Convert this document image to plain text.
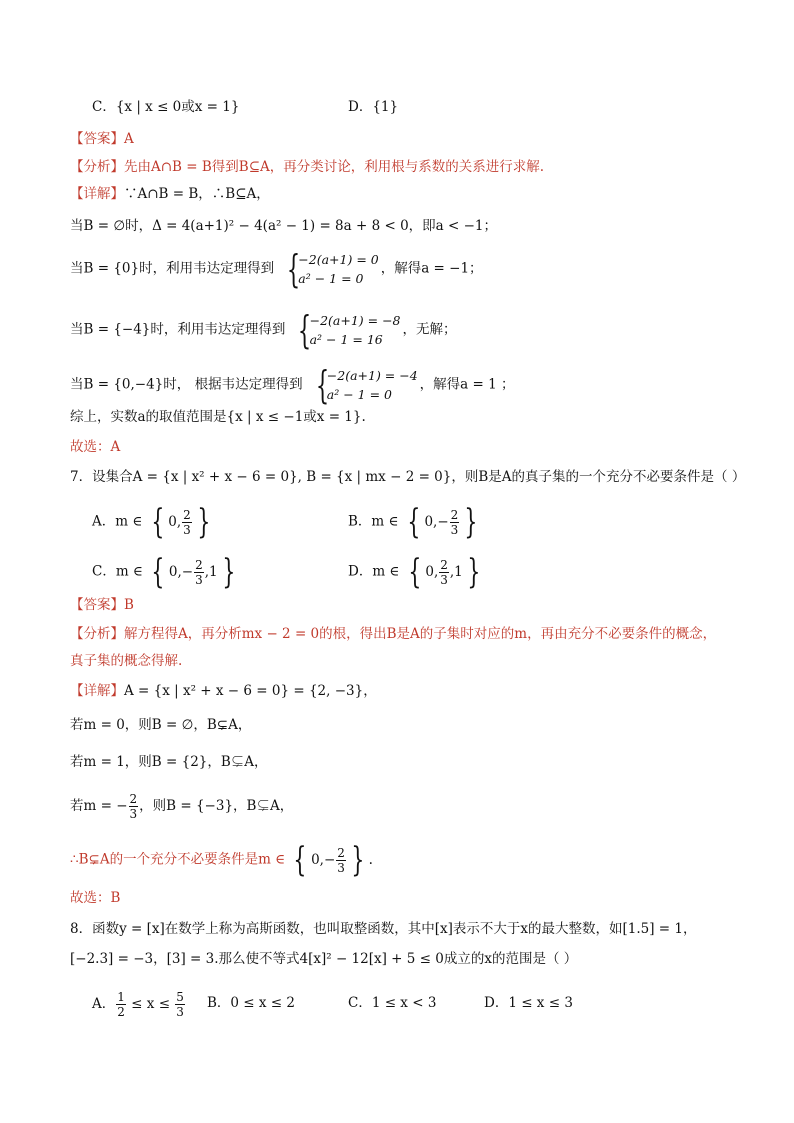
C．{x | x ≤ 0或x = 1}	D．{1}
【答案】A
【分析】先由A∩B = B得到B⊆A，再分类讨论，利用根与系数的关系进行求解.
【详解】∵A∩B = B，∴B⊆A，
当B = ∅时，Δ = 4(a+1)² − 4(a² − 1) = 8a + 8 < 0，即a < −1；
当B = {0}时，利用韦达定理得到 {
−2(a+1) = 0
a² − 1 = 0
，解得a = −1；
当B = {−4}时，利用韦达定理得到 {
−2(a+1) = −8
a² − 1 = 16
，无解；
当B = {0,−4}时， 根据韦达定理得到 {
−2(a+1) = −4
a² − 1 = 0
，解得a = 1 ；
综上，实数a的取值范围是{x | x ≤ −1或x = 1}.
故选：A
7．设集合A = {x | x² + x − 6 = 0}, B = {x | mx − 2 = 0}，则B是A的真子集的一个充分不必要条件是（ ）
A．m ∈ { 0, $\frac{2}{3}$ }	B．m ∈ { $0,- \frac{2}{3}$ }
C．m ∈ { $0,- \frac{2}{3} ,1$ }	D．m ∈ { 0, $\frac{2}{3} ,1$ }
【答案】B
【分析】解方程得A，再分析mx − 2 = 0的根，得出B是A的子集时对应的m，再由充分不必要条件的概念，
真子集的概念得解.
【详解】A = {x | x² + x − 6 = 0} = {2, −3}，
若m = 0，则B = ∅，B⊊A，
若m = 1，则B = {2}，B⊊A，
若m = − $\frac{2}{3}$ ，则B = {−3}，B⊊A，
∴B⊊A的一个充分不必要条件是m ∈ { $0,- \frac{2}{3}$ } .
故选：B
8．函数y = [x]在数学上称为高斯函数，也叫取整函数，其中[x]表示不大于x的最大整数，如[1.5] = 1，
[−2.3] = −3，[3] = 3.那么使不等式4[x]² − 12[x] + 5 ≤ 0成立的x的范围是（ ）
A． $\frac{1}{2} \le x \le \frac{5}{3}$ B．0 ≤ x ≤ 2	C．1 ≤ x < 3	D．1 ≤ x ≤ 3
